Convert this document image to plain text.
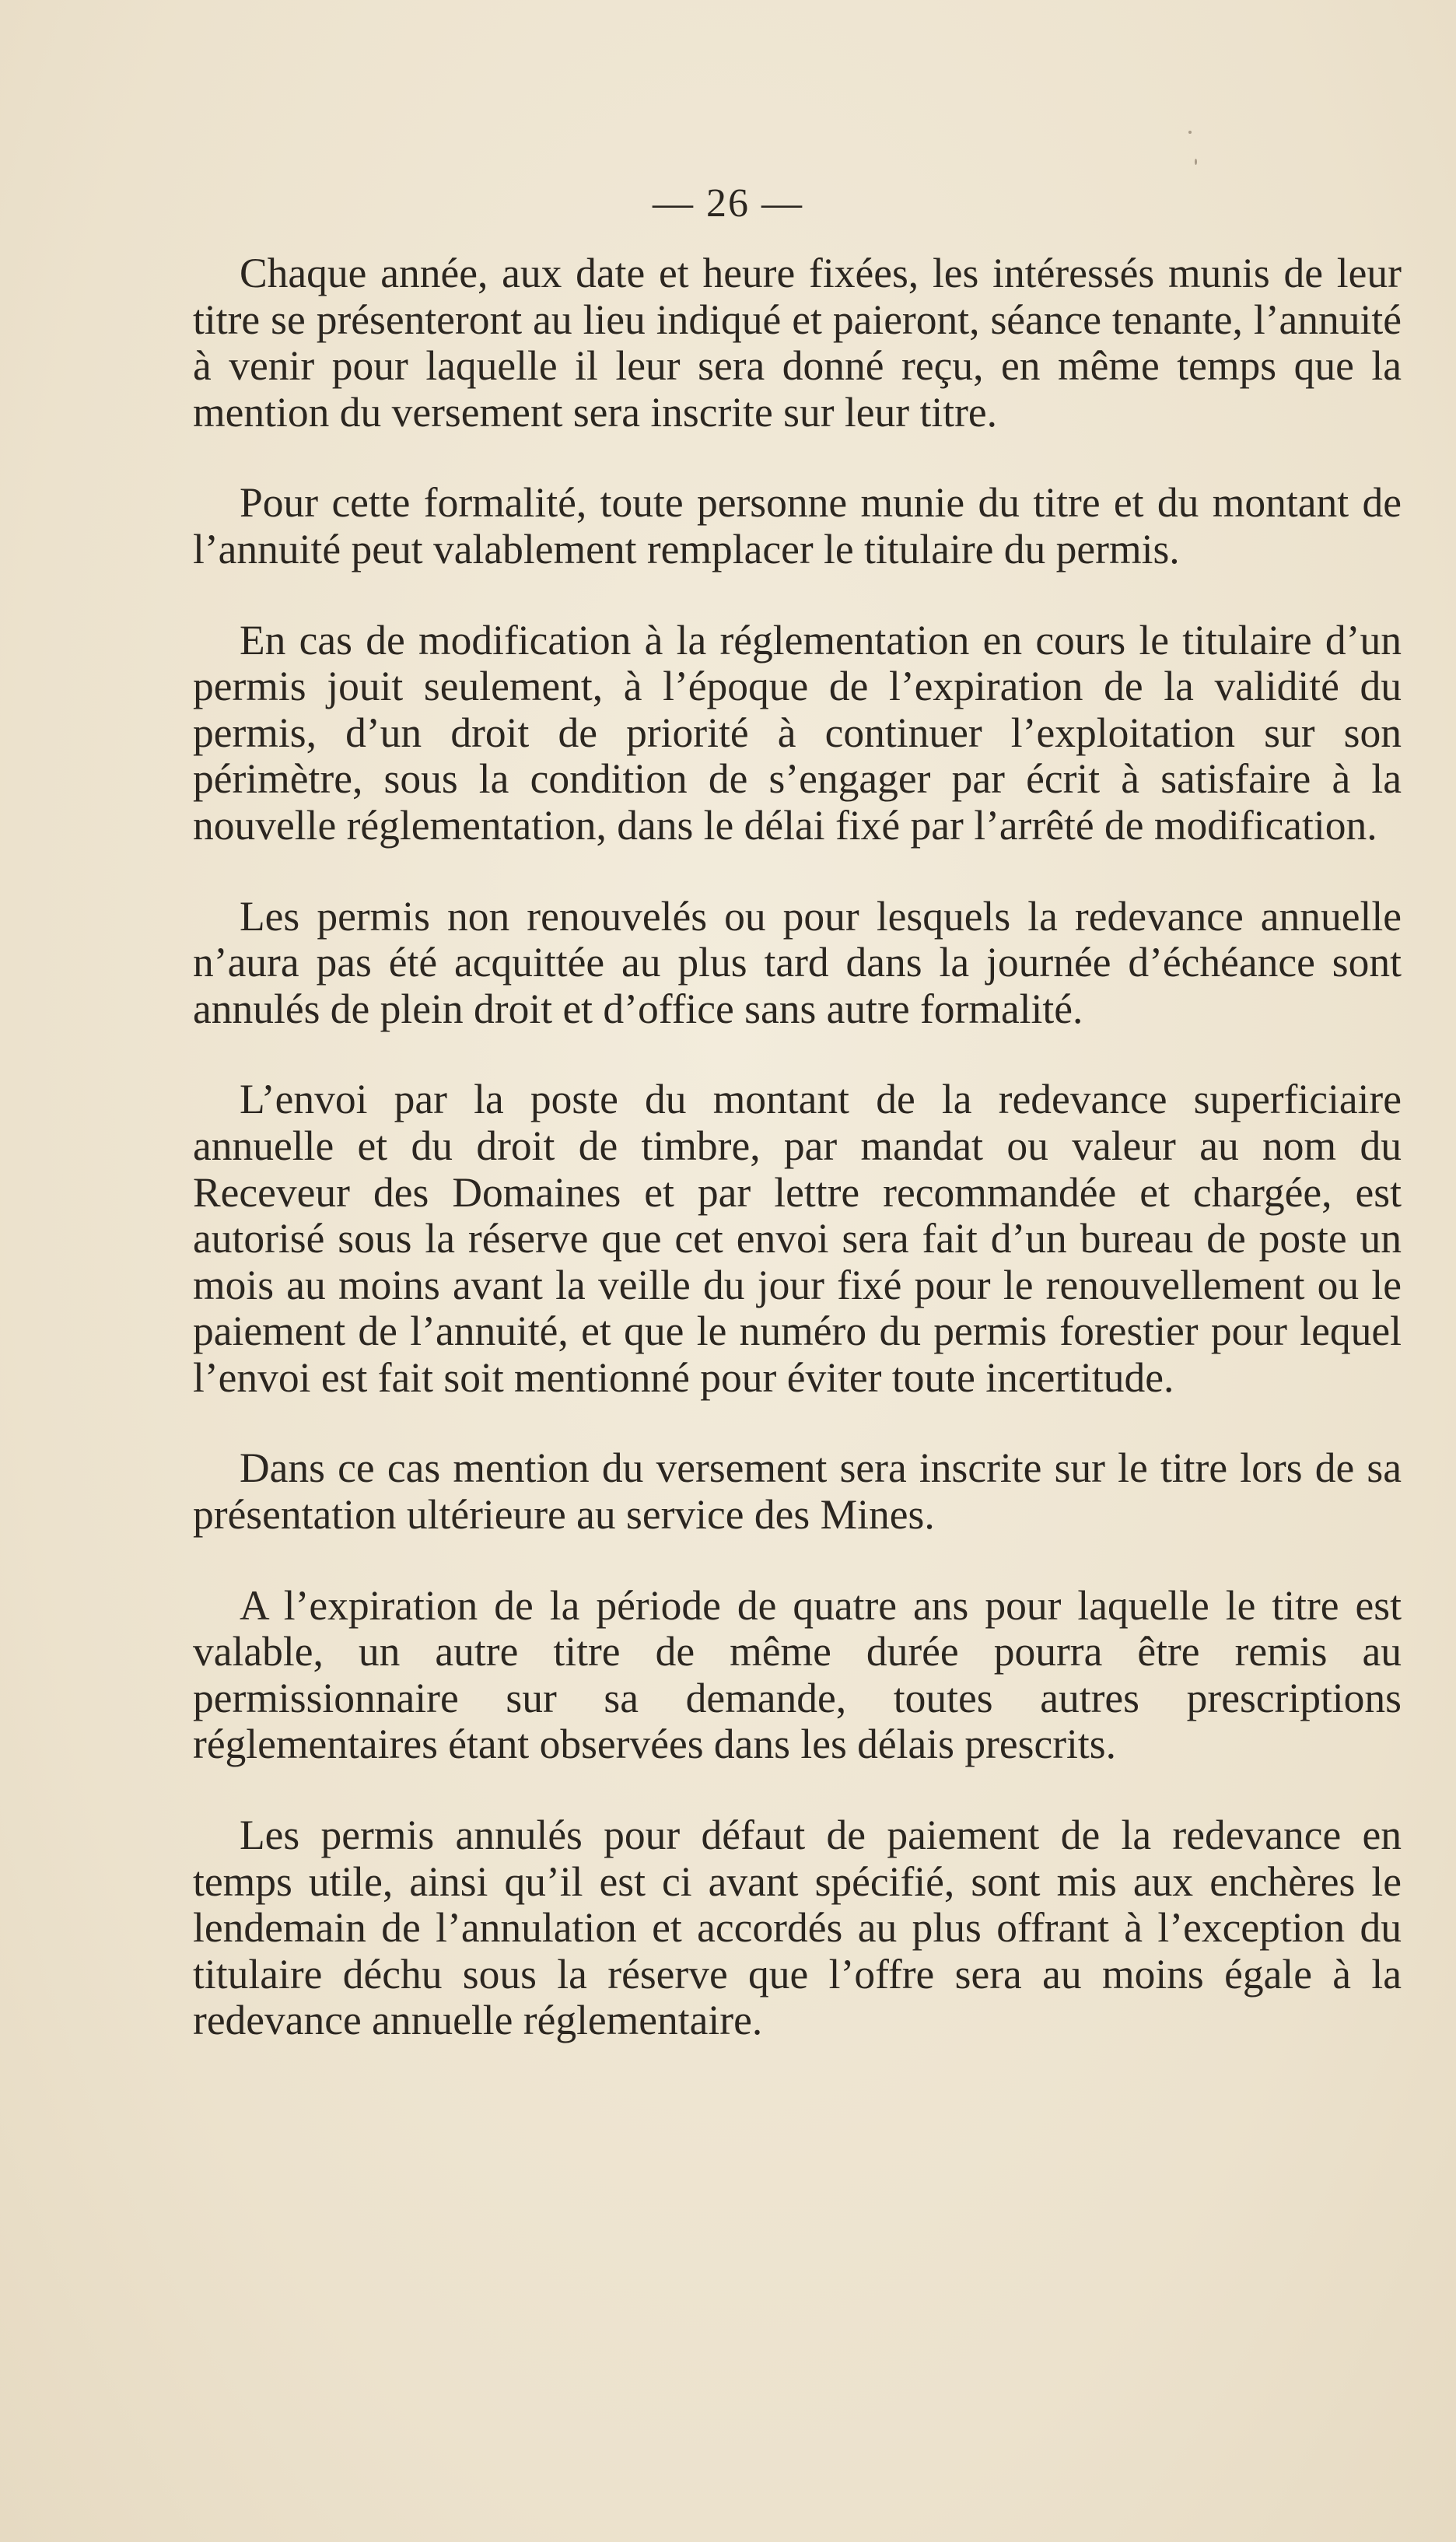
— 26 —

Chaque année, aux date et heure fixées, les intéressés munis de leur titre se présenteront au lieu indiqué et paieront, séance tenante, l’annuité à venir pour laquelle il leur sera donné reçu, en même temps que la mention du versement sera inscrite sur leur titre.

Pour cette formalité, toute personne munie du titre et du montant de l’annuité peut valablement remplacer le titulaire du permis.

En cas de modification à la réglementation en cours le titulaire d’un permis jouit seulement, à l’époque de l’expiration de la validité du permis, d’un droit de priorité à continuer l’exploitation sur son périmètre, sous la condition de s’engager par écrit à satisfaire à la nouvelle réglementation, dans le délai fixé par l’arrêté de modification.

Les permis non renouvelés ou pour lesquels la redevance annuelle n’aura pas été acquittée au plus tard dans la journée d’échéance sont annulés de plein droit et d’office sans autre formalité.

L’envoi par la poste du montant de la redevance superficiaire annuelle et du droit de timbre, par mandat ou valeur au nom du Receveur des Domaines et par lettre recommandée et chargée, est autorisé sous la réserve que cet envoi sera fait d’un bureau de poste un mois au moins avant la veille du jour fixé pour le renouvellement ou le paiement de l’annuité, et que le numéro du permis forestier pour lequel l’envoi est fait soit mentionné pour éviter toute incertitude.

Dans ce cas mention du versement sera inscrite sur le titre lors de sa présentation ultérieure au service des Mines.

A l’expiration de la période de quatre ans pour laquelle le titre est valable, un autre titre de même durée pourra être remis au permissionnaire sur sa demande, toutes autres prescriptions réglementaires étant observées dans les délais prescrits.

Les permis annulés pour défaut de paiement de la redevance en temps utile, ainsi qu’il est ci avant spécifié, sont mis aux enchères le lendemain de l’annulation et accordés au plus offrant à l’exception du titulaire déchu sous la réserve que l’offre sera au moins égale à la redevance annuelle réglementaire.
